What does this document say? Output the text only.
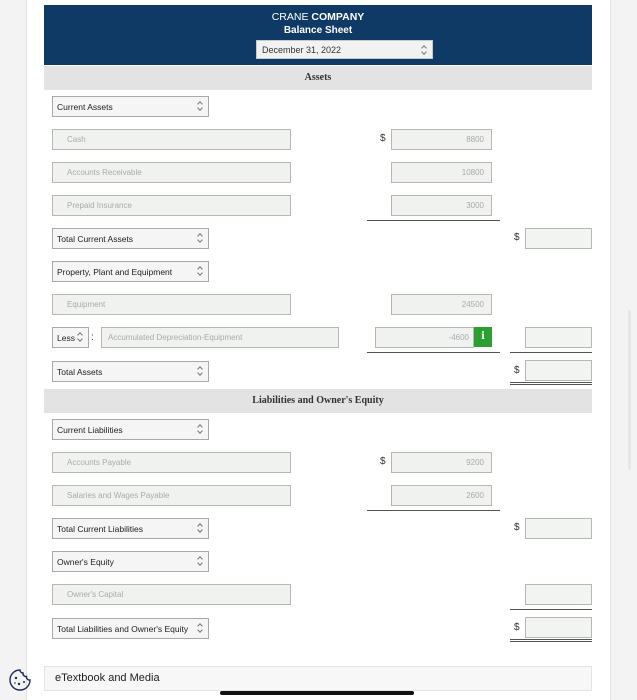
CRANE COMPANY
Balance Sheet
December 31, 2022
Assets
Current Assets
Cash	$	8800
Accounts Receivable	10800
Prepaid Insurance	3000
Total Current Assets	$
Property, Plant and Equipment
Equipment	24500
Less	:	Accumulated Depreciation-Equipment	-4600	i
Total Assets	$
Liabilities and Owner's Equity
Current Liabilities
Accounts Payable	$	9200
Salaries and Wages Payable	2600
Total Current Liabilities	$
Owner's Equity
Owner's Capital
Total Liabilities and Owner's Equity	$
eTextbook and Media
